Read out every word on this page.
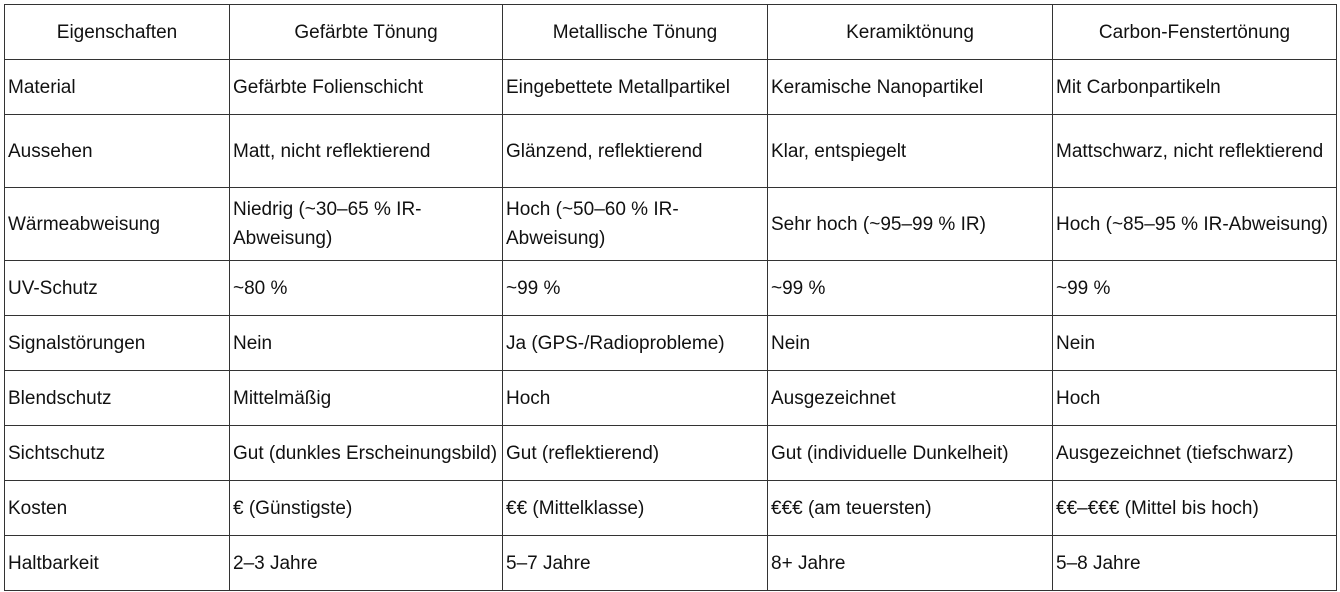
Eigenschaften	Gefärbte Tönung	Metallische Tönung	Keramiktönung	Carbon-Fenstertönung
Material	Gefärbte Folienschicht	Eingebettete Metallpartikel	Keramische Nanopartikel	Mit Carbonpartikeln
Aussehen	Matt, nicht reflektierend	Glänzend, reflektierend	Klar, entspiegelt	Mattschwarz, nicht reflektierend
Wärmeabweisung	Niedrig (~30–65 % IR-Abweisung)	Hoch (~50–60 % IR-Abweisung)	Sehr hoch (~95–99 % IR)	Hoch (~85–95 % IR-Abweisung)
UV-Schutz	~80 %	~99 %	~99 %	~99 %
Signalstörungen	Nein	Ja (GPS-/Radioprobleme)	Nein	Nein
Blendschutz	Mittelmäßig	Hoch	Ausgezeichnet	Hoch
Sichtschutz	Gut (dunkles Erscheinungsbild)	Gut (reflektierend)	Gut (individuelle Dunkelheit)	Ausgezeichnet (tiefschwarz)
Kosten	€ (Günstigste)	€€ (Mittelklasse)	€€€ (am teuersten)	€€–€€€ (Mittel bis hoch)
Haltbarkeit	2–3 Jahre	5–7 Jahre	8+ Jahre	5–8 Jahre
